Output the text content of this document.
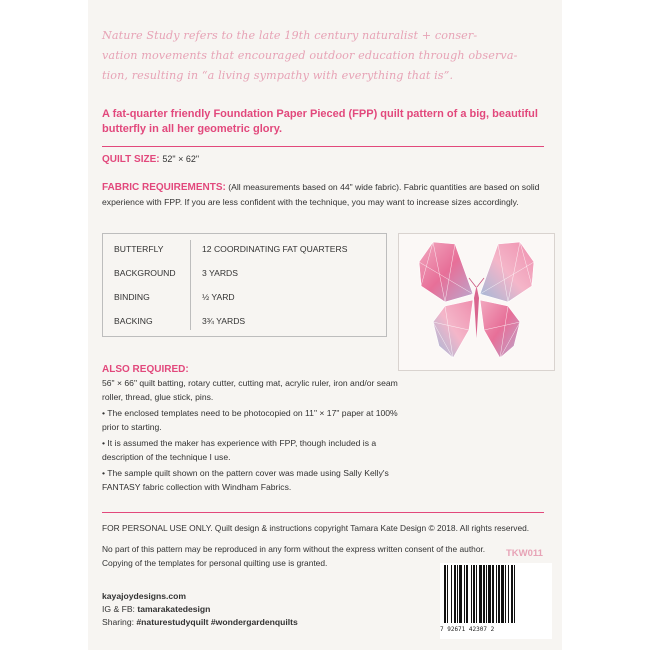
Nature Study refers to the late 19th century naturalist + conser-
vation movements that encouraged outdoor education through observa-
tion, resulting in “a living sympathy with everything that is”.
A fat-quarter friendly Foundation Paper Pieced (FPP) quilt pattern of a big, beautiful butterfly in all her geometric glory.
QUILT SIZE: 52" × 62"
FABRIC REQUIREMENTS: (All measurements based on 44" wide fabric). Fabric quantities are based on solid experience with FPP. If you are less confident with the technique, you may want to increase sizes accordingly.
BUTTERFLY	12 COORDINATING FAT QUARTERS
BACKGROUND	3 YARDS
BINDING	½ YARD
BACKING	3¾ YARDS
ALSO REQUIRED:

56" × 66" quilt batting, rotary cutter, cutting mat, acrylic ruler, iron and/or seam roller, thread, glue stick, pins.

• The enclosed templates need to be photocopied on 11" × 17" paper at 100% prior to starting.

• It is assumed the maker has experience with FPP, though included is a description of the technique I use.

• The sample quilt shown on the pattern cover was made using Sally Kelly's FANTASY fabric collection with Windham Fabrics.

FOR PERSONAL USE ONLY. Quilt design & instructions copyright Tamara Kate Design © 2018. All rights reserved.

No part of this pattern may be reproduced in any form without the express written consent of the author.

Copying of the templates for personal quilting use is granted.

TKW011
kayajoydesigns.com
IG & FB: tamarakatedesign
Sharing: #naturestudyquilt #wondergardenquilts
7 92671 42307 2
